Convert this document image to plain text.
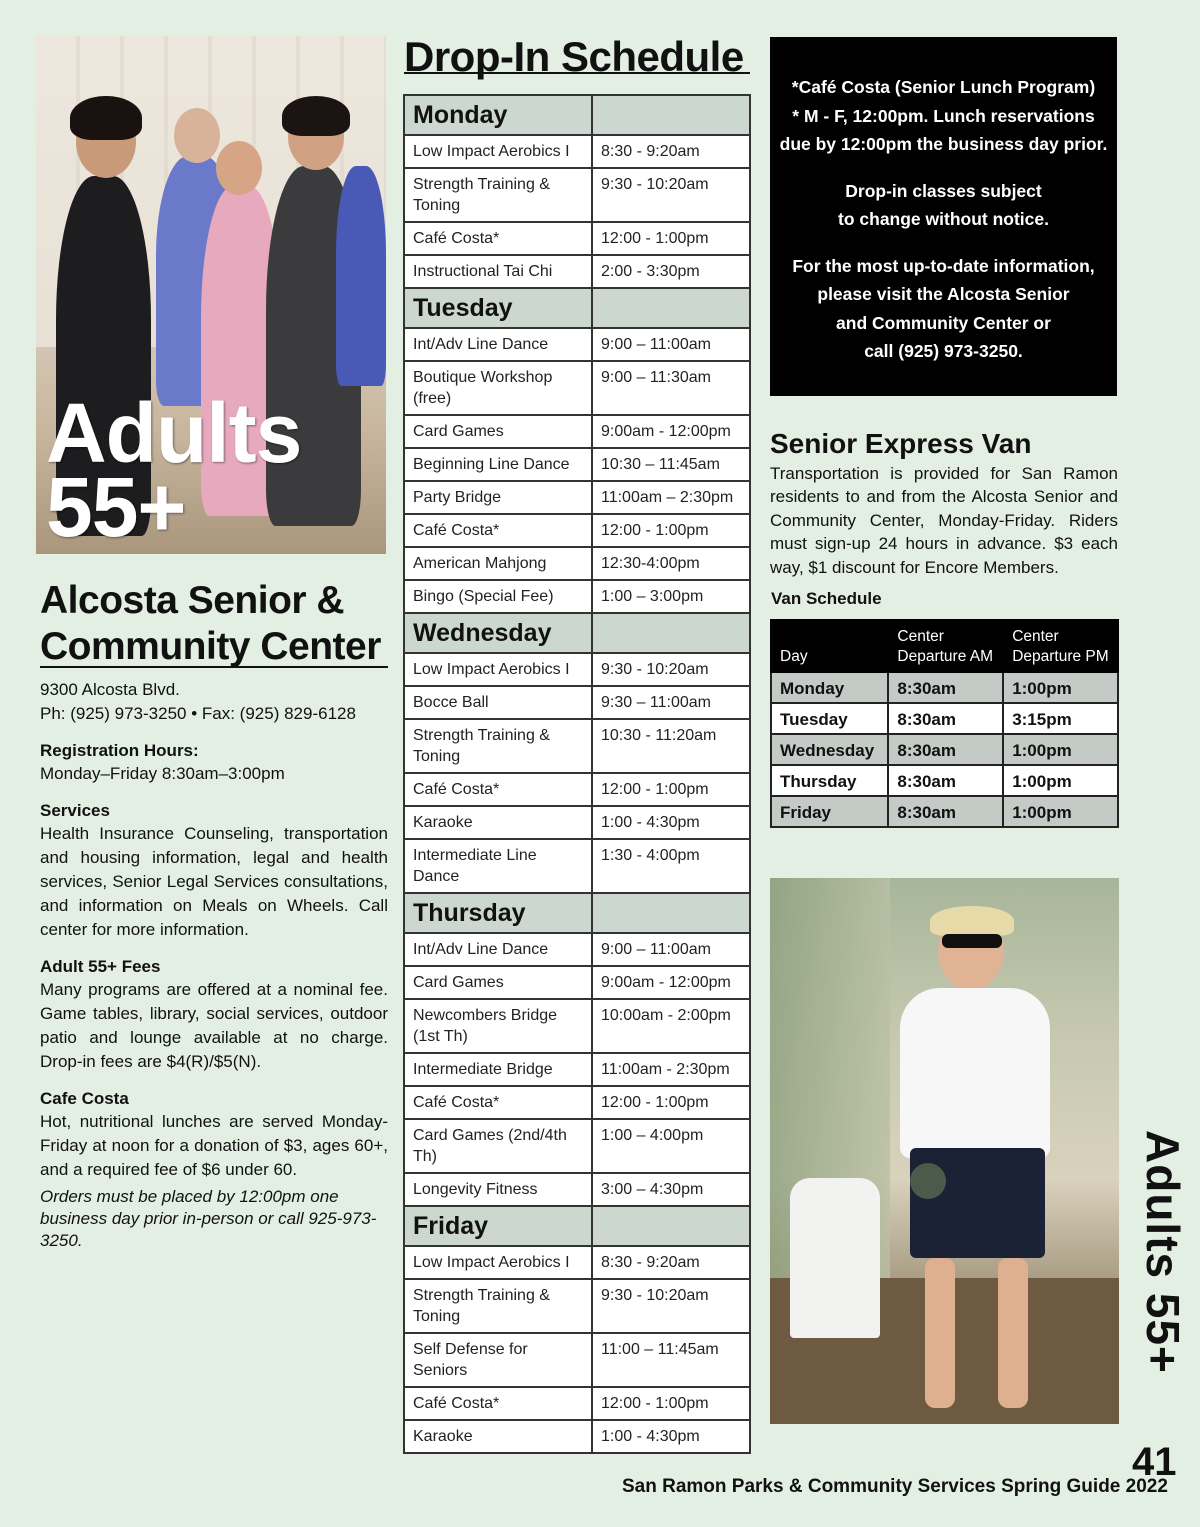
Adults
55+
Alcosta Senior &
Community Center

9300 Alcosta Blvd.

Ph: (925) 973-3250 • Fax: (925) 829-6128

Registration Hours:

Monday–Friday 8:30am–3:00pm

Services

Health Insurance Counseling, transportation and housing information, legal and health services, Senior Legal Services consultations, and information on Meals on Wheels. Call center for more information.

Adult 55+ Fees

Many programs are offered at a nominal fee. Game tables, library, social services, outdoor patio and lounge available at no charge. Drop-in fees are $4(R)/$5(N).

Cafe Costa

Hot, nutritional lunches are served Monday-Friday at noon for a donation of $3, ages 60+, and a required fee of $6 under 60.

Orders must be placed by 12:00pm one business day prior in-person or call 925-973-3250.

Drop-In Schedule
Monday	
Low Impact Aerobics I	8:30 - 9:20am
Strength Training & Toning	9:30 - 10:20am
Café Costa*	12:00 - 1:00pm
Instructional Tai Chi	2:00 - 3:30pm
Tuesday	
Int/Adv Line Dance	9:00 – 11:00am
Boutique Workshop (free)	9:00 – 11:30am
Card Games	9:00am - 12:00pm
Beginning Line Dance	10:30 – 11:45am
Party Bridge	11:00am – 2:30pm
Café Costa*	12:00 - 1:00pm
American Mahjong	12:30-4:00pm
Bingo (Special Fee)	1:00 – 3:00pm
Wednesday	
Low Impact Aerobics I	9:30 - 10:20am
Bocce Ball	9:30 – 11:00am
Strength Training & Toning	10:30 - 11:20am
Café Costa*	12:00 - 1:00pm
Karaoke	1:00 - 4:30pm
Intermediate Line Dance	1:30 - 4:00pm
Thursday	
Int/Adv Line Dance	9:00 – 11:00am
Card Games	9:00am - 12:00pm
Newcombers Bridge (1st Th)	10:00am - 2:00pm
Intermediate Bridge	11:00am - 2:30pm
Café Costa*	12:00 - 1:00pm
Card Games (2nd/4th Th)	1:00 – 4:00pm
Longevity Fitness	3:00 – 4:30pm
Friday	
Low Impact Aerobics I	8:30 - 9:20am
Strength Training & Toning	9:30 - 10:20am
Self Defense for Seniors	11:00 – 11:45am
Café Costa*	12:00 - 1:00pm
Karaoke	1:00 - 4:30pm

*Café Costa (Senior Lunch Program)
* M - F, 12:00pm. Lunch reservations
due by 12:00pm the business day prior.

Drop-in classes subject
to change without notice.

For the most up-to-date information,
please visit the Alcosta Senior
and Community Center or
call (925) 973-3250.

Senior Express Van
Transportation is provided for San Ramon residents to and from the Alcosta Senior and Community Center, Monday-Friday. Riders must sign-up 24 hours in advance. $3 each way, $1 discount for Encore Members.
Van Schedule
Day	Center Departure AM	Center Departure PM
Monday	8:30am	1:00pm
Tuesday	8:30am	3:15pm
Wednesday	8:30am	1:00pm
Thursday	8:30am	1:00pm
Friday	8:30am	1:00pm
Adults 55+
41
San Ramon Parks & Community Services Spring Guide 2022
